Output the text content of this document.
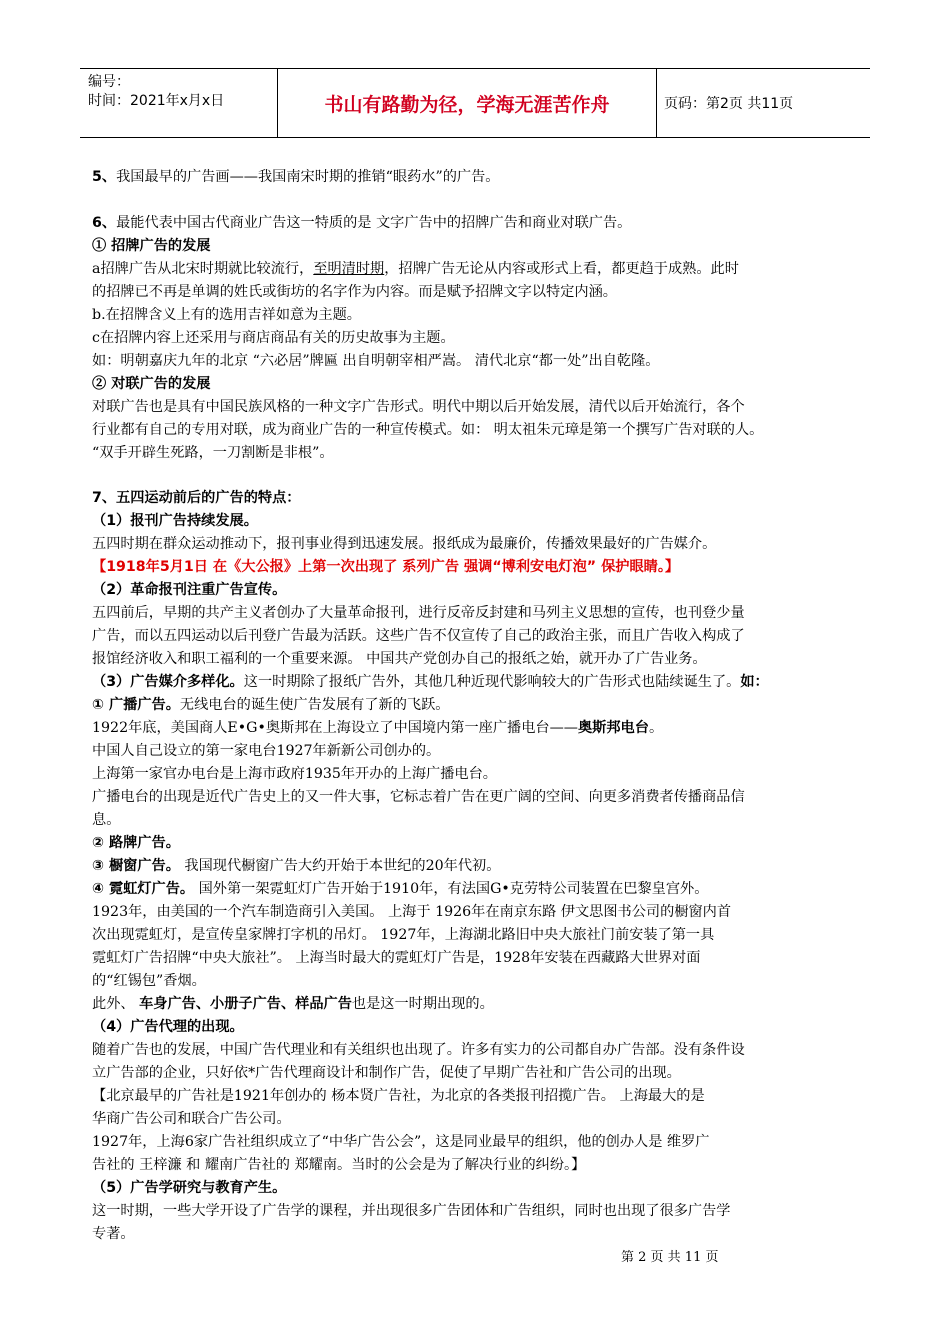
编号：
时间：2021年x月x日	书山有路勤为径，学海无涯苦作舟	页码：第2页 共11页
5、我国最早的广告画——我国南宋时期的推销“眼药水”的广告。
6、最能代表中国古代商业广告这一特质的是 文字广告中的招牌广告和商业对联广告。
① 招牌广告的发展
a招牌广告从北宋时期就比较流行，至明清时期，招牌广告无论从内容或形式上看，都更趋于成熟。此时
的招牌已不再是单调的姓氏或街坊的名字作为内容。而是赋予招牌文字以特定内涵。
b.在招牌含义上有的选用吉祥如意为主题。
c在招牌内容上还采用与商店商品有关的历史故事为主题。
如：明朝嘉庆九年的北京 “六必居”牌匾 出自明朝宰相严嵩。 清代北京“都一处”出自乾隆。
② 对联广告的发展
对联广告也是具有中国民族风格的一种文字广告形式。明代中期以后开始发展，清代以后开始流行，各个
行业都有自己的专用对联，成为商业广告的一种宣传模式。如： 明太祖朱元璋是第一个撰写广告对联的人。
“双手开辟生死路，一刀割断是非根”。
7、五四运动前后的广告的特点：
（1）报刊广告持续发展。
五四时期在群众运动推动下，报刊事业得到迅速发展。报纸成为最廉价，传播效果最好的广告媒介。
【1918年5月1日 在《大公报》上第一次出现了 系列广告 强调“博利安电灯泡” 保护眼睛。】
（2）革命报刊注重广告宣传。
五四前后，早期的共产主义者创办了大量革命报刊，进行反帝反封建和马列主义思想的宣传，也刊登少量
广告，而以五四运动以后刊登广告最为活跃。这些广告不仅宣传了自己的政治主张，而且广告收入构成了
报馆经济收入和职工福利的一个重要来源。 中国共产党创办自己的报纸之始，就开办了广告业务。
（3）广告媒介多样化。这一时期除了报纸广告外，其他几种近现代影响较大的广告形式也陆续诞生了。如：
① 广播广告。无线电台的诞生使广告发展有了新的飞跃。
1922年底，美国商人E•G•奥斯邦在上海设立了中国境内第一座广播电台——奥斯邦电台。
中国人自己设立的第一家电台1927年新新公司创办的。
上海第一家官办电台是上海市政府1935年开办的上海广播电台。
广播电台的出现是近代广告史上的又一件大事，它标志着广告在更广阔的空间、向更多消费者传播商品信
息。
② 路牌广告。
③ 橱窗广告。 我国现代橱窗广告大约开始于本世纪的20年代初。
④ 霓虹灯广告。 国外第一架霓虹灯广告开始于1910年，有法国G•克劳特公司装置在巴黎皇宫外。
1923年，由美国的一个汽车制造商引入美国。 上海于 1926年在南京东路 伊文思图书公司的橱窗内首
次出现霓虹灯，是宣传皇家牌打字机的吊灯。 1927年，上海湖北路旧中央大旅社门前安装了第一具
霓虹灯广告招牌“中央大旅社”。 上海当时最大的霓虹灯广告是，1928年安装在西藏路大世界对面
的“红锡包”香烟。
此外、 车身广告、小册子广告、样品广告也是这一时期出现的。
（4）广告代理的出现。
随着广告也的发展，中国广告代理业和有关组织也出现了。许多有实力的公司都自办广告部。没有条件设
立广告部的企业，只好依*广告代理商设计和制作广告，促使了早期广告社和广告公司的出现。
【北京最早的广告社是1921年创办的 杨本贤广告社，为北京的各类报刊招揽广告。 上海最大的是
华商广告公司和联合广告公司。
1927年，上海6家广告社组织成立了“中华广告公会”，这是同业最早的组织，他的创办人是 维罗广
告社的 王梓濂 和 耀南广告社的 郑耀南。当时的公会是为了解决行业的纠纷。】
（5）广告学研究与教育产生。
这一时期，一些大学开设了广告学的课程，并出现很多广告团体和广告组织，同时也出现了很多广告学
专著。
第 2 页 共 11 页
